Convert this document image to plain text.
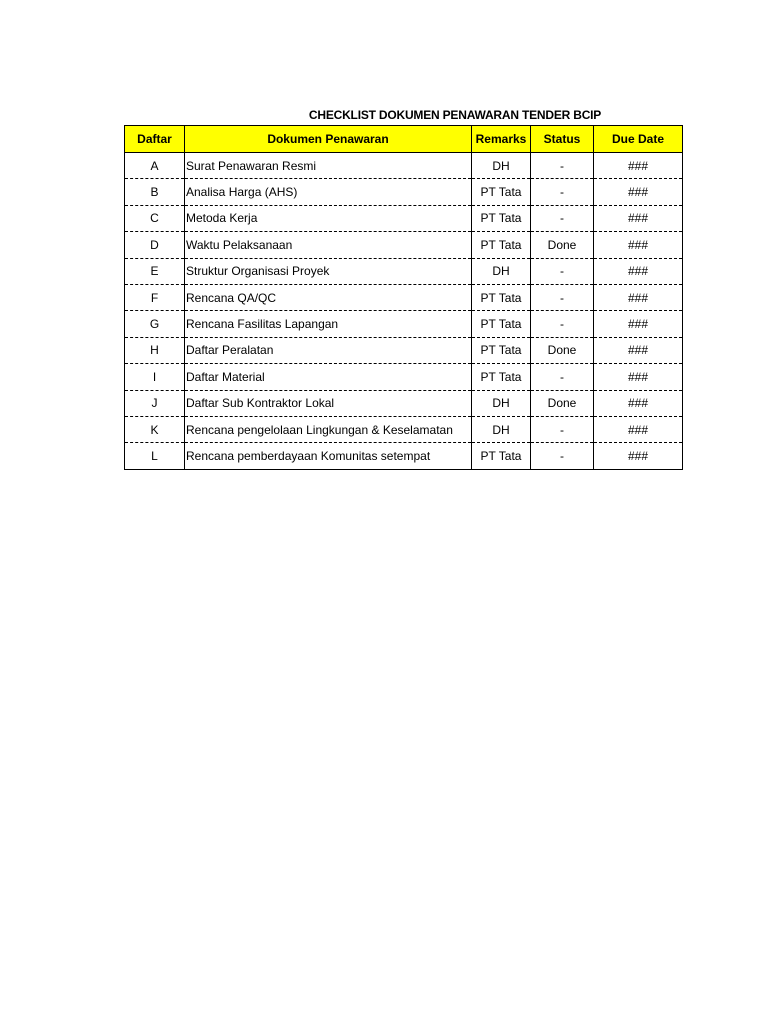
CHECKLIST DOKUMEN PENAWARAN TENDER BCIP
Daftar	Dokumen Penawaran	Remarks	Status	Due Date
A	Surat Penawaran Resmi	DH	-	###
B	Analisa Harga (AHS)	PT Tata	-	###
C	Metoda Kerja	PT Tata	-	###
D	Waktu Pelaksanaan	PT Tata	Done	###
E	Struktur Organisasi Proyek	DH	-	###
F	Rencana QA/QC	PT Tata	-	###
G	Rencana Fasilitas Lapangan	PT Tata	-	###
H	Daftar Peralatan	PT Tata	Done	###
I	Daftar Material	PT Tata	-	###
J	Daftar Sub Kontraktor Lokal	DH	Done	###
K	Rencana pengelolaan Lingkungan & Keselamatan	DH	-	###
L	Rencana pemberdayaan Komunitas setempat	PT Tata	-	###
